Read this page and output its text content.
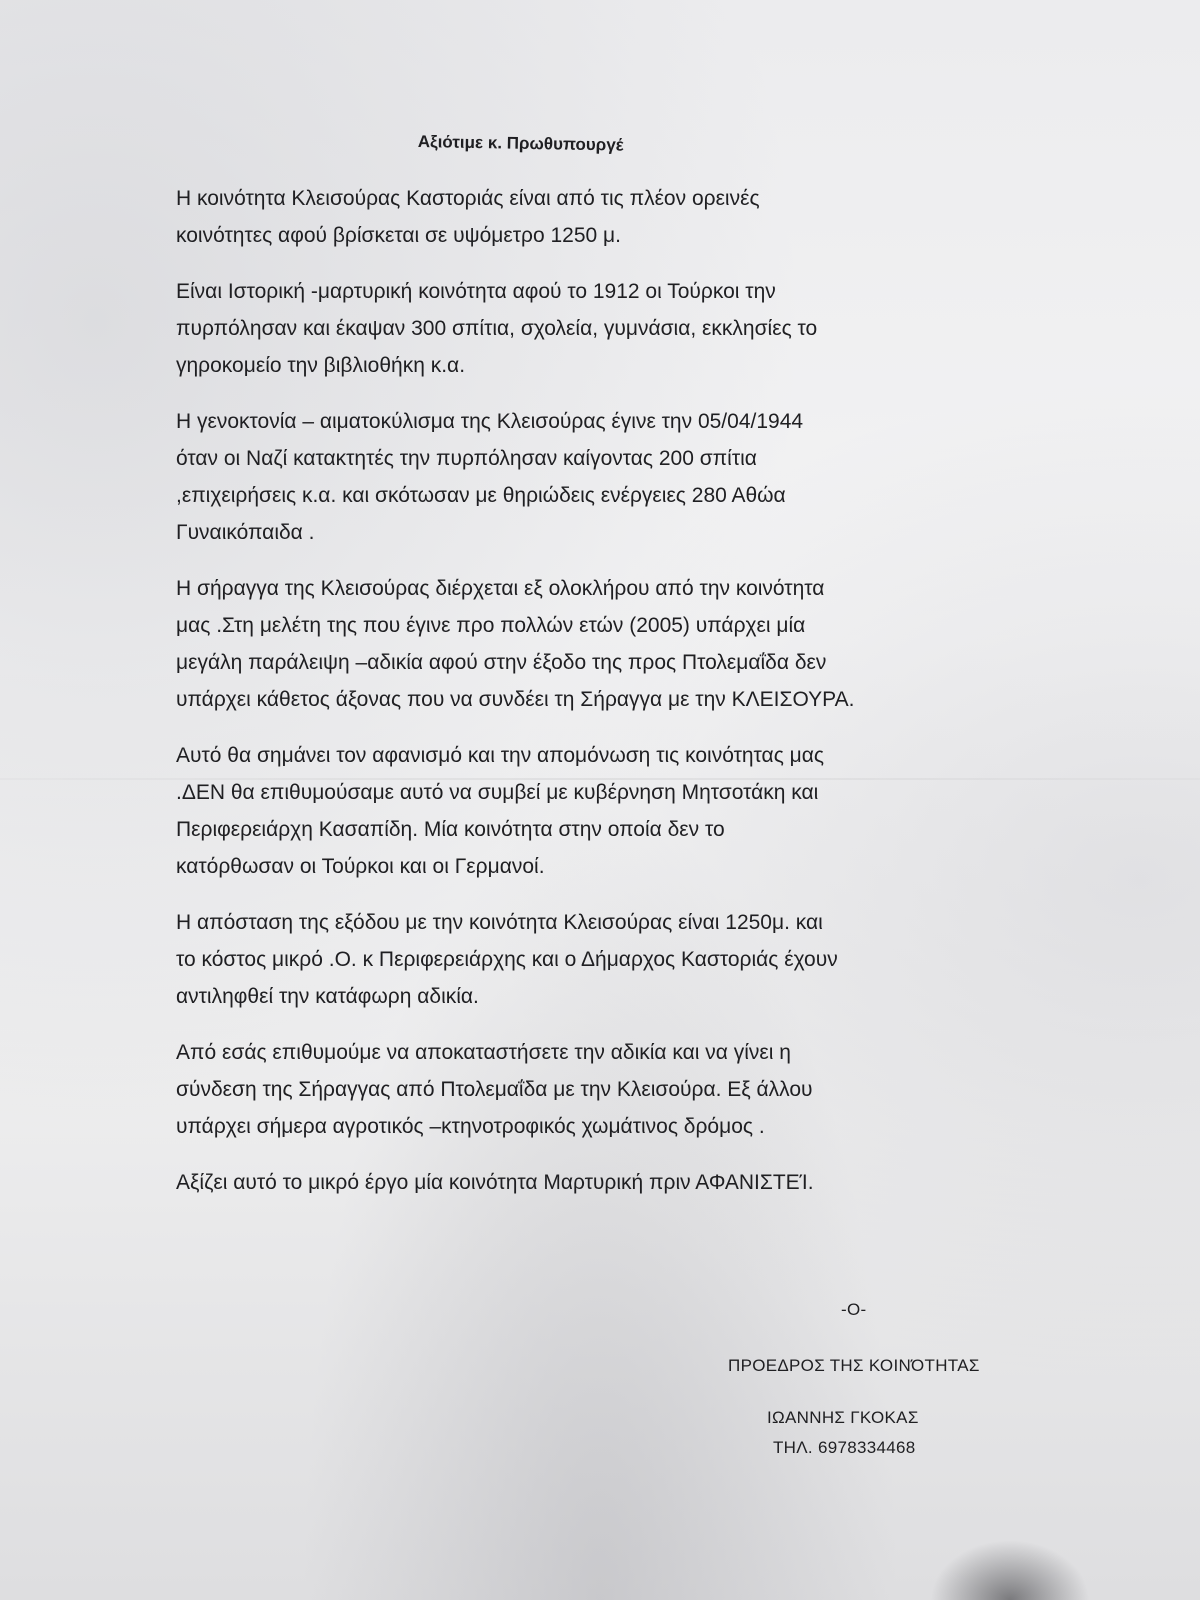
Αξιότιμε κ. Πρωθυπουργέ

Η κοινότητα Κλεισούρας Καστοριάς είναι από τις πλέον ορεινές
κοινότητες αφού βρίσκεται σε υψόμετρο 1250 μ.

Είναι Ιστορική -μαρτυρική κοινότητα αφού το 1912 οι Τούρκοι την
πυρπόλησαν και έκαψαν 300 σπίτια, σχολεία, γυμνάσια, εκκλησίες το
γηροκομείο την βιβλιοθήκη κ.α.

Η γενοκτονία – αιματοκύλισμα της Κλεισούρας έγινε την 05/04/1944
όταν οι Ναζί κατακτητές την πυρπόλησαν καίγοντας 200 σπίτια
,επιχειρήσεις κ.α. και σκότωσαν με θηριώδεις ενέργειες 280 Αθώα
Γυναικόπαιδα .

Η σήραγγα της Κλεισούρας διέρχεται εξ ολοκλήρου από την κοινότητα
μας .Στη μελέτη της που έγινε προ πολλών ετών (2005) υπάρχει μία
μεγάλη παράλειψη –αδικία αφού στην έξοδο της προς Πτολεμαΐδα δεν
υπάρχει κάθετος άξονας που να συνδέει τη Σήραγγα με την ΚΛΕΙΣΟΥΡΑ.

Αυτό θα σημάνει τον αφανισμό και την απομόνωση τις κοινότητας μας
.ΔΕΝ θα επιθυμούσαμε αυτό να συμβεί με κυβέρνηση Μητσοτάκη και
Περιφερειάρχη Κασαπίδη. Μία κοινότητα στην οποία δεν το
κατόρθωσαν οι Τούρκοι και οι Γερμανοί.

Η απόσταση της εξόδου με την κοινότητα Κλεισούρας είναι 1250μ. και
το κόστος μικρό .Ο. κ Περιφερειάρχης και ο Δήμαρχος Καστοριάς έχουν
αντιληφθεί την κατάφωρη αδικία.

Από εσάς επιθυμούμε να αποκαταστήσετε την αδικία και να γίνει η
σύνδεση της Σήραγγας από Πτολεμαΐδα με την Κλεισούρα. Εξ άλλου
υπάρχει σήμερα αγροτικός –κτηνοτροφικός χωμάτινος δρόμος .

Αξίζει αυτό το μικρό έργο μία κοινότητα Μαρτυρική πριν ΑΦΑΝΙΣΤΕΊ.

-Ο-
ΠΡΟΕΔΡΟΣ ΤΗΣ ΚΟΙΝΌΤΗΤΑΣ
ΙΩΑΝΝΗΣ ΓΚΟΚΑΣ
ΤΗΛ. 6978334468
